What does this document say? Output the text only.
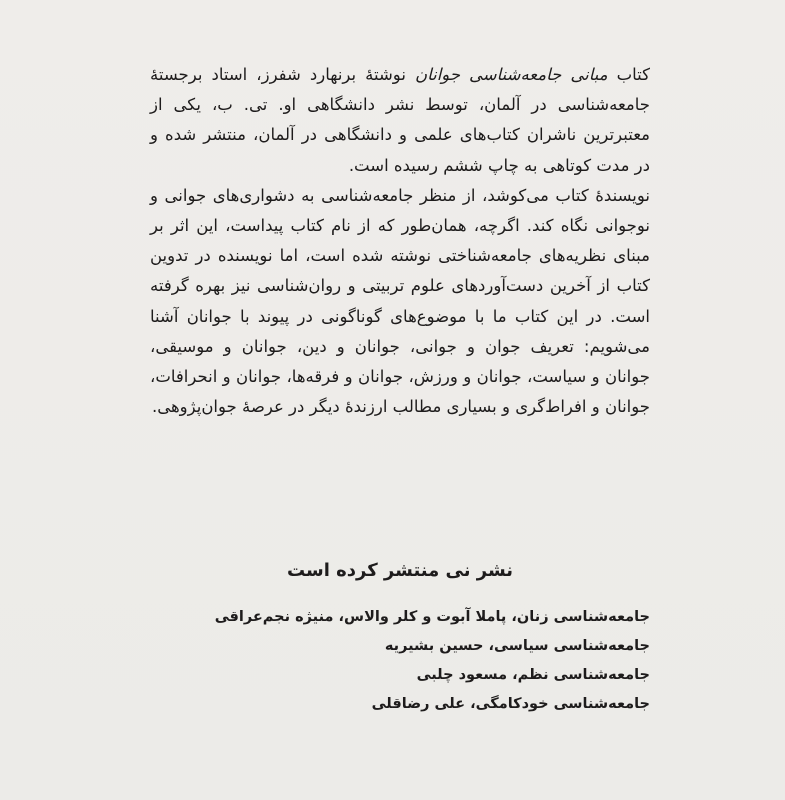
کتاب مبانی جامعه‌شناسی جوانان نوشتهٔ برنهارد شفرز، استاد برجستهٔ جامعه‌شناسی در آلمان، توسط نشر دانشگاهی او. تی. ب، یکی از معتبرترین ناشران کتاب‌های علمی و دانشگاهی در آلمان، منتشر شده و در مدت کوتاهی به چاپ ششم رسیده است.

نویسندهٔ کتاب می‌کوشد، از منظر جامعه‌شناسی به دشواری‌های جوانی و نوجوانی نگاه کند. اگرچه، همان‌طور که از نام کتاب پیداست، این اثر بر مبنای نظریه‌های جامعه‌شناختی نوشته شده است، اما نویسنده در تدوین کتاب از آخرین دست‌آوردهای علوم تربیتی و روان‌شناسی نیز بهره گرفته است. در این کتاب ما با موضوع‌های گوناگونی در پیوند با جوانان آشنا می‌شویم: تعریف جوان و جوانی، جوانان و دین، جوانان و موسیقی، جوانان و سیاست، جوانان و ورزش، جوانان و فرقه‌ها، جوانان و انحرافات، جوانان و افراط‌گری و بسیاری مطالب ارزندهٔ دیگر در عرصهٔ جوان‌پژوهی.

نشر نی منتشر کرده است
جامعه‌شناسی زنان، پاملا آبوت و کلر والاس، منیژه نجم‌عراقی
جامعه‌شناسی سیاسی، حسین بشیریه
جامعه‌شناسی نظم، مسعود چلبی
جامعه‌شناسی خودکامگی، علی رضاقلی
